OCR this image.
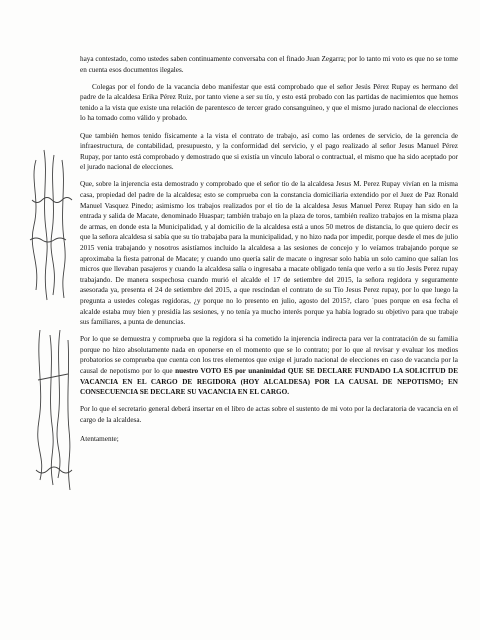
haya contestado, como ustedes saben continuamente conversaba con el finado Juan Zegarra; por lo tanto mi voto es que no se tome en cuenta esos documentos ilegales.

Colegas por el fondo de la vacancia debo manifestar que está comprobado que el señor Jesús Pérez Rupay es hermano del padre de la alcaldesa Erika Pérez Ruiz, por tanto viene a ser su tío, y esto está probado con las partidas de nacimientos que hemos tenido a la vista que existe una relación de parentesco de tercer grado consanguíneo, y que el mismo jurado nacional de elecciones lo ha tomado como válido y probado.

Que también hemos tenido físicamente a la vista el contrato de trabajo, así como las ordenes de servicio, de la gerencia de infraestructura, de contabilidad, presupuesto, y la conformidad del servicio, y el pago realizado al señor Jesus Manuel Pérez Rupay, por tanto está comprobado y demostrado que si existía un vínculo laboral o contractual, el mismo que ha sido aceptado por el jurado nacional de elecciones.

Que, sobre la injerencia esta demostrado y comprobado que el señor tío de la alcaldesa Jesus M. Perez Rupay vivían en la misma casa, propiedad del padre de la alcaldesa; esto se comprueba con la constancia domiciliaria extendido por el Juez de Paz Ronald Manuel Vasquez Pinedo; asimismo los trabajos realizados por el tío de la alcaldesa Jesus Manuel Perez Rupay han sido en la entrada y salida de Macate, denominado Huaspar; también trabajo en la plaza de toros, también realizo trabajos en la misma plaza de armas, en donde esta la Municipalidad, y al domicilio de la alcaldesa está a unos 50 metros de distancia, lo que quiero decir es que la señora alcaldesa si sabía que su tío trabajaba para la municipalidad, y no hizo nada por impedir, porque desde el mes de julio 2015 venia trabajando y nosotros asistíamos incluido la alcaldesa a las sesiones de concejo y lo veíamos trabajando porque se aproximaba la fiesta patronal de Macate; y cuando uno quería salir de macate o ingresar solo había un solo camino que salían los micros que llevaban pasajeros y cuando la alcaldesa salía o ingresaba a macate obligado tenía que verlo a su tío Jesús Perez rupay trabajando. De manera sospechosa cuando murió el alcalde el 17 de setiembre del 2015, la señora regidora y seguramente asesorada ya, presenta el 24 de setiembre del 2015, a que rescindan el contrato de su Tío Jesus Perez rupay, por lo que luego la pregunta a ustedes colegas regidoras, ¿y porque no lo presento en julio, agosto del 2015?, claro ´pues porque en esa fecha el alcalde estaba muy bien y presidía las sesiones, y no tenía ya mucho interés porque ya había logrado su objetivo para que trabaje sus familiares, a punta de denuncias.

Por lo que se demuestra y comprueba que la regidora si ha cometido la injerencia indirecta para ver la contratación de su familia porque no hizo absolutamente nada en oponerse en el momento que se lo contrato; por lo que al revisar y evaluar los medios probatorios se comprueba que cuenta con los tres elementos que exige el jurado nacional de elecciones en caso de vacancia por la causal de nepotismo por lo que nuestro VOTO ES por unanimidad QUE SE DECLARE FUNDADO LA SOLICITUD DE VACANCIA EN EL CARGO DE REGIDORA (HOY ALCALDESA) POR LA CAUSAL DE NEPOTISMO; EN CONSECUENCIA SE DECLARE SU VACANCIA EN EL CARGO.

Por lo que el secretario general deberá insertar en el libro de actas sobre el sustento de mi voto por la declaratoria de vacancia en el cargo de la alcaldesa.

Atentamente;
